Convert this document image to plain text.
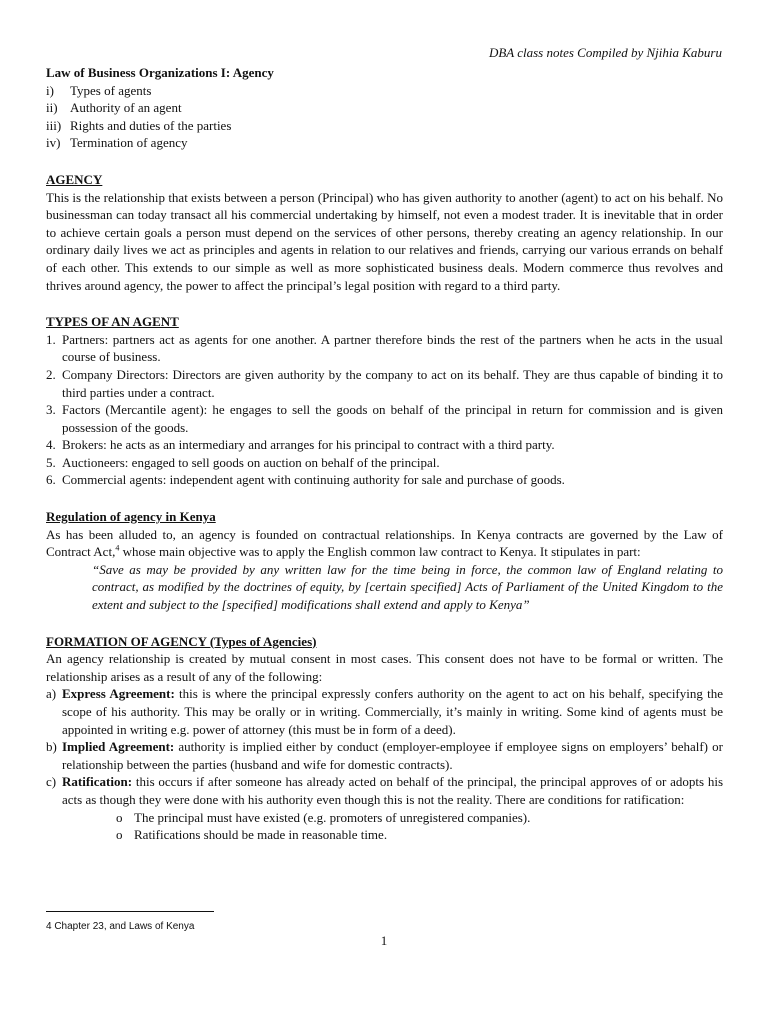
DBA class notes Compiled by Njihia Kaburu
Law of Business Organizations I: Agency
i)	Types of agents
ii) Authority of an agent
iii) Rights and duties of the parties
iv) Termination of agency
AGENCY
This is the relationship that exists between a person (Principal) who has given authority to another (agent) to act on his behalf. No businessman can today transact all his commercial undertaking by himself, not even a modest trader. It is inevitable that in order to achieve certain goals a person must depend on the services of other persons, thereby creating an agency relationship. In our ordinary daily lives we act as principles and agents in relation to our relatives and friends, carrying our various errands on behalf of each other. This extends to our simple as well as more sophisticated business deals. Modern commerce thus revolves and thrives around agency, the power to affect the principal’s legal position with regard to a third party.
TYPES OF AN AGENT
1. Partners: partners act as agents for one another. A partner therefore binds the rest of the partners when he acts in the usual course of business.
2. Company Directors: Directors are given authority by the company to act on its behalf. They are thus capable of binding it to third parties under a contract.
3. Factors (Mercantile agent): he engages to sell the goods on behalf of the principal in return for commission and is given possession of the goods.
4. Brokers: he acts as an intermediary and arranges for his principal to contract with a third party.
5. Auctioneers: engaged to sell goods on auction on behalf of the principal.
6. Commercial agents: independent agent with continuing authority for sale and purchase of goods.
Regulation of agency in Kenya
As has been alluded to, an agency is founded on contractual relationships. In Kenya contracts are governed by the Law of Contract Act,$^4$ whose main objective was to apply the English common law contract to Kenya. It stipulates in part:
“Save as may be provided by any written law for the time being in force, the common law of England relating to contract, as modified by the doctrines of equity, by [certain specified] Acts of Parliament of the United Kingdom to the extent and subject to the [specified] modifications shall extend and apply to Kenya”
FORMATION OF AGENCY (Types of Agencies)
An agency relationship is created by mutual consent in most cases. This consent does not have to be formal or written. The relationship arises as a result of any of the following:
a) Express Agreement: this is where the principal expressly confers authority on the agent to act on his behalf, specifying the scope of his authority. This may be orally or in writing. Commercially, it’s mainly in writing. Some kind of agents must be appointed in writing e.g. power of attorney (this must be in form of a deed).
b) Implied Agreement: authority is implied either by conduct (employer-employee if employee signs on employers’ behalf) or relationship between the parties (husband and wife for domestic contracts).
c) Ratification: this occurs if after someone has already acted on behalf of the principal, the principal approves of or adopts his acts as though they were done with his authority even though this is not the reality. There are conditions for ratification:
o The principal must have existed (e.g. promoters of unregistered companies).
o Ratifications should be made in reasonable time.
4 Chapter 23, and Laws of Kenya
1
